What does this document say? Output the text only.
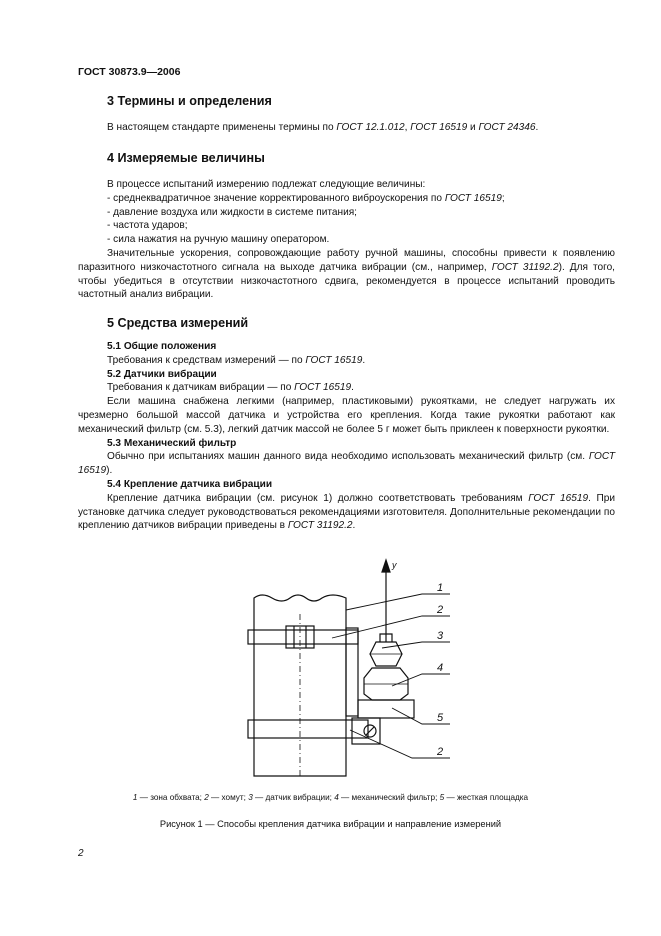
ГОСТ 30873.9—2006
3 Термины и определения

В настоящем стандарте применены термины по ГОСТ 12.1.012, ГОСТ 16519 и ГОСТ 24346.

4 Измеряемые величины

В процессе испытаний измерению подлежат следующие величины:

- среднеквадратичное значение корректированного виброускорения по ГОСТ 16519;

- давление воздуха или жидкости в системе питания;

- частота ударов;

- сила нажатия на ручную машину оператором.

Значительные ускорения, сопровождающие работу ручной машины, способны привести к появлению паразитного низкочастотного сигнала на выходе датчика вибрации (см., например, ГОСТ 31192.2). Для того, чтобы убедиться в отсутствии низкочастотного сдвига, рекомендуется в процессе испытаний проводить частотный анализ вибрации.

5 Средства измерений

5.1 Общие положения

Требования к средствам измерений — по ГОСТ 16519.

5.2 Датчики вибрации

Требования к датчикам вибрации — по ГОСТ 16519.

Если машина снабжена легкими (например, пластиковыми) рукоятками, не следует нагружать их чрезмерно большой массой датчика и устройства его крепления. Когда такие рукоятки работают как механический фильтр (см. 5.3), легкий датчик массой не более 5 г может быть приклеен к поверхности рукоятки.

5.3 Механический фильтр

Обычно при испытаниях машин данного вида необходимо использовать механический фильтр (см. ГОСТ 16519).

5.4 Крепление датчика вибрации

Крепление датчика вибрации (см. рисунок 1) должно соответствовать требованиям ГОСТ 16519. При установке датчика следует руководствоваться рекомендациями изготовителя. Дополнительные рекомендации по креплению датчиков вибрации приведены в ГОСТ 31192.2.

y
1
2
3
4
5
2
1 — зона обхвата; 2 — хомут; 3 — датчик вибрации; 4 — механический фильтр; 5 — жесткая площадка
Рисунок 1 — Способы крепления датчика вибрации и направление измерений
2
